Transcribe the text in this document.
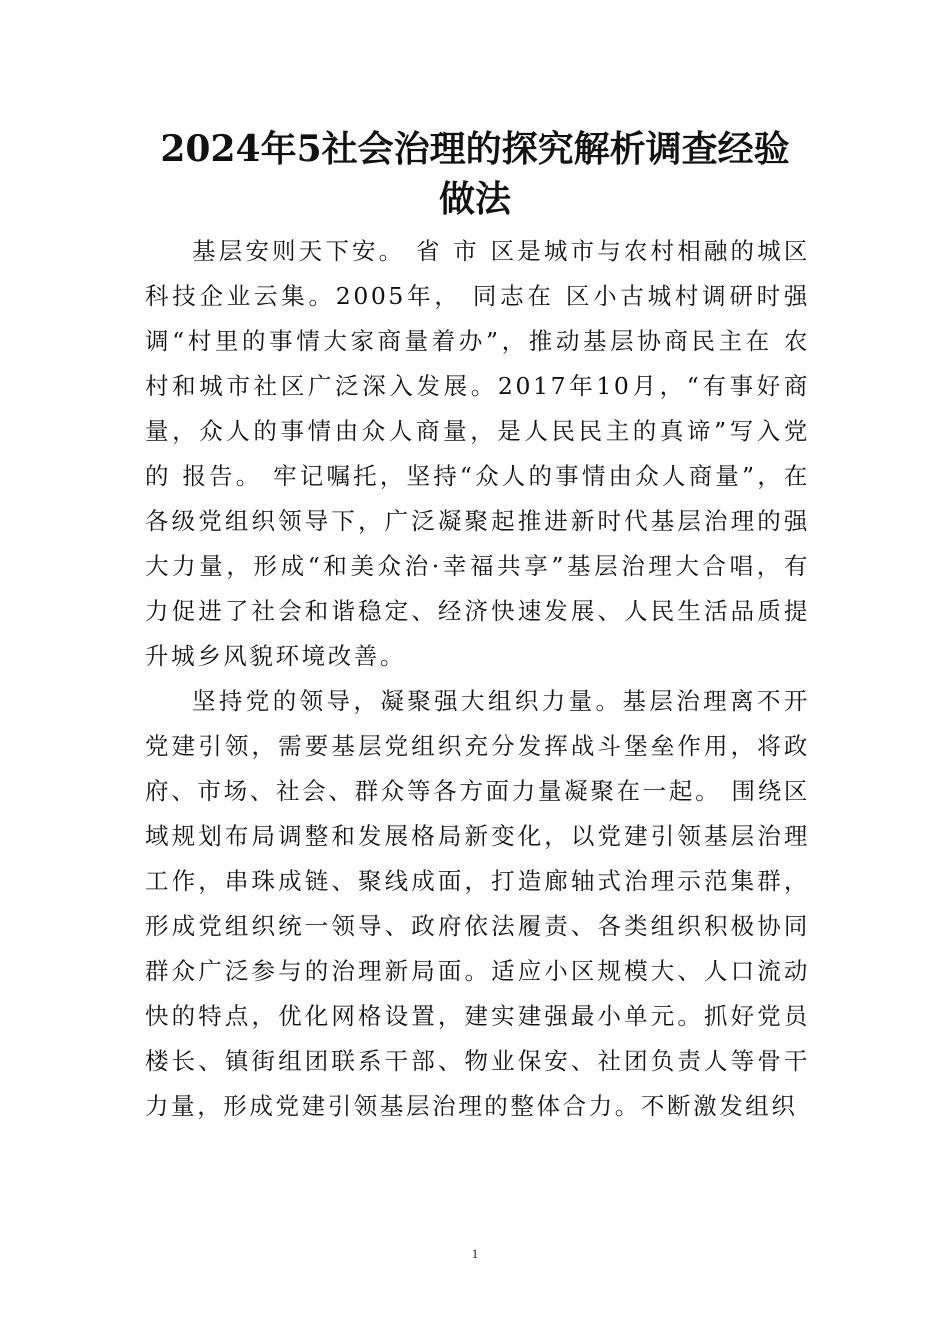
2024年5社会治理的探究解析调查经验做法

基层安则天下安。 省 市 区是城市与农村相融的城区科技企业云集。2005年， 同志在 区小古城村调研时强调“村里的事情大家商量着办”，推动基层协商民主在 农村和城市社区广泛深入发展。2017年10月，“有事好商量，众人的事情由众人商量，是人民民主的真谛”写入党的 报告。 牢记嘱托，坚持“众人的事情由众人商量”，在各级党组织领导下，广泛凝聚起推进新时代基层治理的强大力量，形成“和美众治·幸福共享”基层治理大合唱，有力促进了社会和谐稳定、经济快速发展、人民生活品质提升城乡风貌环境改善。

坚持党的领导，凝聚强大组织力量。基层治理离不开党建引领，需要基层党组织充分发挥战斗堡垒作用，将政府、市场、社会、群众等各方面力量凝聚在一起。 围绕区域规划布局调整和发展格局新变化，以党建引领基层治理工作，串珠成链、聚线成面，打造廊轴式治理示范集群，形成党组织统一领导、政府依法履责、各类组织积极协同群众广泛参与的治理新局面。适应小区规模大、人口流动快的特点，优化网格设置，建实建强最小单元。抓好党员楼长、镇街组团联系干部、物业保安、社团负责人等骨干力量，形成党建引领基层治理的整体合力。不断激发组织

1
